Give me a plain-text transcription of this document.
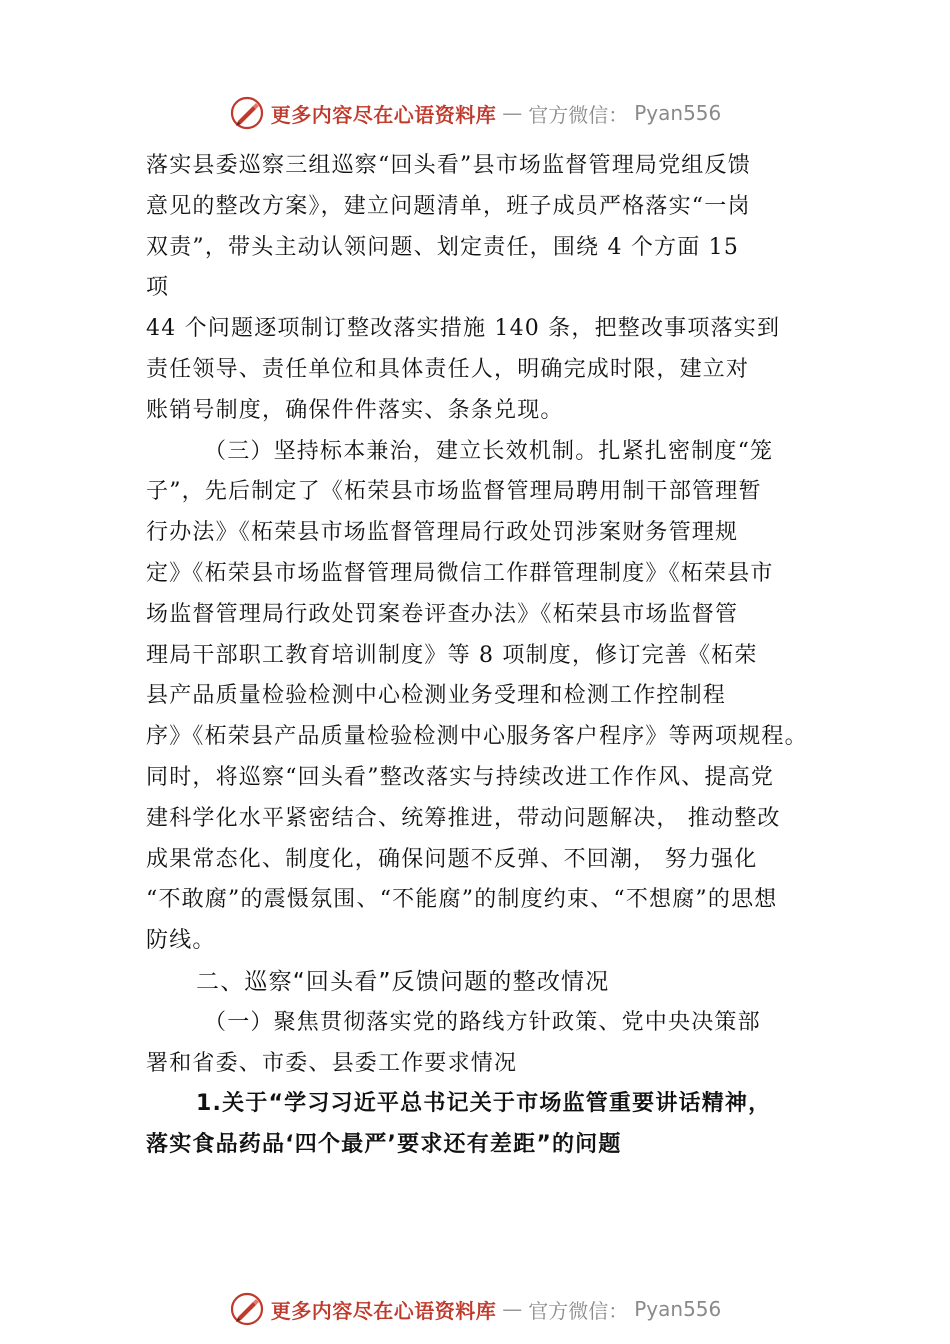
更多内容尽在心语资料库 — 官方微信： Pyan556
落实县委巡察三组巡察“回头看”县市场监督管理局党组反馈
意见的整改方案》，建立问题清单，班子成员严格落实“一岗
双责”，带头主动认领问题、划定责任，围绕 4 个方面 15
项
44 个问题逐项制订整改落实措施 140 条，把整改事项落实到
责任领导、责任单位和具体责任人，明确完成时限，建立对
账销号制度，确保件件落实、条条兑现。
（三）坚持标本兼治，建立长效机制。扎紧扎密制度“笼
子”，先后制定了《柘荣县市场监督管理局聘用制干部管理暂
行办法》《柘荣县市场监督管理局行政处罚涉案财务管理规
定》《柘荣县市场监督管理局微信工作群管理制度》《柘荣县市
场监督管理局行政处罚案卷评查办法》《柘荣县市场监督管
理局干部职工教育培训制度》等 8 项制度，修订完善《柘荣
县产品质量检验检测中心检测业务受理和检测工作控制程
序》《柘荣县产品质量检验检测中心服务客户程序》等两项规程。
同时，将巡察“回头看”整改落实与持续改进工作作风、提高党
建科学化水平紧密结合、统筹推进，带动问题解决， 推动整改
成果常态化、制度化，确保问题不反弹、不回潮， 努力强化
“不敢腐”的震慑氛围、“不能腐”的制度约束、“不想腐”的思想
防线。
二、巡察“回头看”反馈问题的整改情况
（一）聚焦贯彻落实党的路线方针政策、党中央决策部
署和省委、市委、县委工作要求情况
1.关于“学习习近平总书记关于市场监管重要讲话精神，
落实食品药品‘四个最严’要求还有差距”的问题
更多内容尽在心语资料库 — 官方微信： Pyan556
